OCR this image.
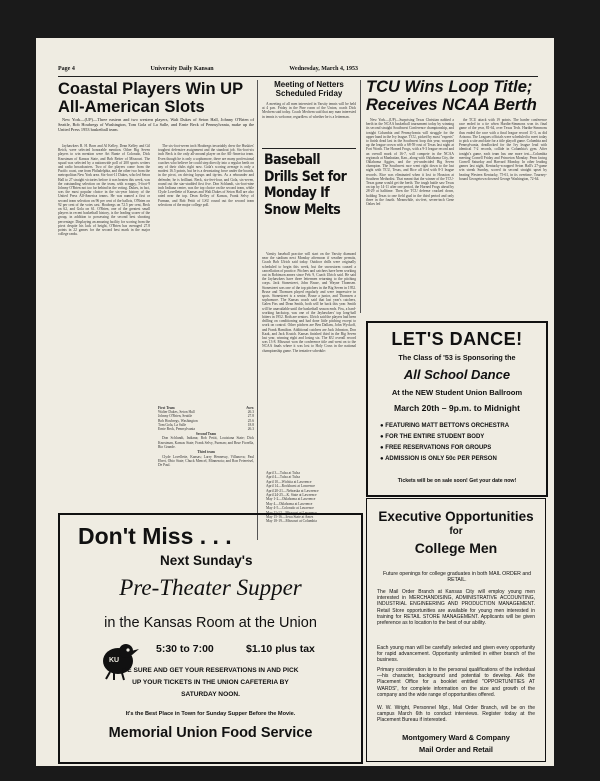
Page 4	University Daily Kansan	Wednesday, March 4, 1953
Coastal Players Win UP All-American Slots

New York—(UP)—Three eastern and two western players, Walt Dukes of Seton Hall, Johnny O'Brien of Seattle, Bob Houbregs of Washington, Tom Gola of La Salle, and Ernie Beck of Pennsylvania, make up the United Press 1953 basketball team.

Jayhawkers B. H. Born and Al Kelley, Dean Kelley and Gil Reich, were selected honorable mention. Other Big Seven players to win mention were Art Bunte of Colorado, Dick Knostman of Kansas State, and Bob Reiter of Missouri. The squad was selected by a nationwide poll of 200 sports writers and radio broadcasters. Two of the players come from the Pacific coast, one from Philadelphia, and the other two from the metropolitan New York area. Six-foot-11 Dukes, who led Seton Hall to 27 straight victories before it was beaten this week, was the outstanding selection on the team, with scrappy, 5-foot-9 Johnny O'Brien not too far behind in the voting. Dukes, in fact, was the most popular choice in the six-year history of the United Press All-America teams. He was named a first or second team selection on 96 per cent of the ballots, O'Brien on 92 per cent of the votes cast. Houbregs on 72.5 per cent, Beck on 62, and Gola on 61. O'Brien, one of the greatest small players in recent basketball history, is the leading scorer of the group, in addition to possessing the second best shooting percentage. Displaying an amazing facility for scoring from the pivot despite his lack of height, O'Brien has averaged 27.8 points in 22 games for the second best mark in the major college ranks.

The six-foot-seven inch Houbregs invariably drew the Huskies' toughest defensive assignment and the standout job. Six-foot-six inch Beck is the only all-around player on the All-America team. Even though he is only a sophomore, there are many professional coaches who believe he could step directly into a regular berth on any of their clubs right now. Gola's scoring average is only a modest 16.5 points, but he is a devastating force under the boards, in the pivot, on driving layups and tip-ins. As a rebounder and defender, he is brilliant. Beck, six-feet-four, and Gola, six-seven, round out the star-studded first five. Don Schlundt, six-foot-nine inch Indiana center, was the top choice on the second team, while Clyde Lovellette of Kansas and Walt Dukes of Seton Hall are also rated near the top. Dean Kelley of Kansas, Frank Selvy of Furman, and Bob Pettit of LSU round out the second team selections of the major college poll.

First Team	Aver.
Walter Dukes, Seton Hall	26.3
Johnny O'Brien, Seattle	27.8
Bob Houbregs, Washington	25.6
Tom Gola, La Salle	18.8
Ernie Beck, Pennsylvania	26.3
Second Team

Don Schlundt, Indiana; Bob Pettit, Louisiana State; Dick Knostman, Kansas State; Frank Selvy, Furman; and Brue Fiorella, Rio Grande.

Third team

Clyde Lovellette, Kansas; Larry Hennessy, Villanova; Paul Ebert, Ohio State; Chuck Mencel, Minnesota; and Ron Feiereisel, De Paul.

Meeting of Netters Scheduled Friday

A meeting of all men interested in Varsity tennis will be held at 4 p.m. Friday in the Pine room of the Union, coach Dick Mechem said today. Coach Mechem said that any man interested in tennis is welcome, regardless of whether he is a letterman.

Baseball Drills Set for Monday If Snow Melts

Varsity baseball practice will start on the Varsity diamond near the stadium next Monday afternoon if weather permits, Coach Bob Ulrich said today. Outdoor drills were originally scheduled to begin this week, but the snowstorm caused a cancellation of practice. Pitchers and catchers have been working out in Robinson annex since Feb. 9, Coach Ulrich said. He said the Jayhawkers have three lettermen returning to the pitching corps. Jack Stonestreet, John Bruse, and Wayne Thomsen. Stonestreet was one of the top pitchers in the Big Seven in 1952. Bruse and Thomsen played regularly and were impressive in spots. Stonestreet is a senior, Bruse a junior, and Thomsen a sophomore. The Kansas coach said that last year's catchers, Galen Fiss and Dean Smith, both will be back this year. Smith will be unavailable until the basketball season ends. Fiss, a hard-working backstop, was one of the Jayhawkers' top long-ball hitters in 1952. Both are seniors. Ulrich said the players had been drilling on conditioning and had done little pitching except to work on control. Other pitchers are Ben Dallam, John Wyckoff, and Frank Hamilton. Additional catchers are Jack Johnston, Don Kaak, and Jack Krutch. Kansas finished third in the Big Seven last year, winning eight and losing six. The KU overall record was 13-8. Missouri won the conference title and went on to the NCAA finals where it was lost to Holy Cross in the national championship game. The tentative schedule:

April 3—Tulsa at Tulsa
April 4—Tulsa at Tulsa
April 10—Wichita at Lawrence
April 14—Rockhurst at Lawrence
April 20-21—Nebraska at Lawrence
April 24-25—K. State at Lawrence
May 1-2—Oklahoma at Lawrence
May 4—Oklahoma at Lawrence
May 4-5—Colorado at Lawrence
May 11-12—Missouri at Lawrence
May 15-16—Iowa State at Ames
May 18-19—Missouri at Columbia
TCU Wins Loop Title; Receives NCAA Berth

New York—(UP)—Surprising Texas Christian nabbed a berth in the NCAA basketball tournament today by winning its second straight Southwest Conference championship, and tonight Columbia and Pennsylvania will struggle for the upper hand in the Ivy league. TCU, picked by most "experts" to finish dead last in the Southwest loop this year, wrapped up the league crown with a 68-59 rout of Texas last night at Fort Worth. The Horned Frogs, with a 9-3 league record and an overall mark of 16-7, will compete in the NCAA regionals at Manhattan, Kan., along with Oklahoma City, the Oklahoma Aggies, and the yet-undecided Big Seven champion. The Southwest race went right down to the last night with TCU, Texas, and Rice all tied with 8-3 league records. Rice was eliminated when it lost to Houston at Southern Methodist. That meant that the winner of the TCU-Texas game would get the berth. The tough battle saw Texas on top by 14-11 after one period, the Horned Frogs ahead by 28-29 at halftime. Then the TCU defense cracked down, holding Texas to one field goal in the third period and only three in the fourth. Meanwhile, six-feet, seven-inch Gene Oakes led

the TCU attack with 19 points. The harder conference race ended in a tie when Hardin-Simmons won its final game of the year, 81-64, over Texas Tech. Hardin-Simmons thus ended the race with a final league record 11-3, as did Arizona. The Leagues officials were scheduled to meet today to pick a site and date for a title playoff game. Columbia and Pennsylvania, deadlocked for the Ivy league lead with identical 7-2 records, collide in Columbia's gym. After tonight's game, each team has one more test—Columbia meeting Cornell Friday and Princeton Monday. Penn facing Cornell Saturday and Harvard Monday. In other leading games last night, Kentucky-scrapped Seton Hall's 27-game win streak Sunday, scored its second straight upset by beating Western Kentucky, 75-61, in its overtime. Tourney-bound Georgetown downed George Washington, 72-64.

LET'S DANCE!
The Class of '53 is Sponsoring the
All School Dance
At the NEW Student Union Ballroom
March 20th – 9p.m. to Midnight
● FEATURING MATT BETTON'S ORCHESTRA
● FOR THE ENTIRE STUDENT BODY
● FREE RESERVATIONS FOR GROUPS
● ADMISSION IS ONLY 50c PER PERSON
Tickets will be on sale soon! Get your date now!
Executive Opportunities
for
College Men
Future openings for college graduates in both MAIL ORDER and RETAIL.
The Mail Order Branch at Kansas City will employ young men interested in MERCHANDISING, ADMINISTRATIVE ACCOUNTING, INDUSTRIAL ENGINEERING AND PRODUCTION MANAGEMENT. Retail Store opportunities are available for young men interested in training for RETAIL STORE MANAGEMENT. Applicants will be given preference as to location to the best of our ability.
Each young man will be carefully selected and given every opportunity for rapid advancement. Opportunity unlimited in either branch of the business.
Primary consideration is to the personal qualifications of the individual—his character, background and potential to develop. Ask the Placement Office for a booklet entitled "OPPORTUNITIES AT WARDS", for complete information on the size and growth of the company and the wide range of opportunities offered.
W. W. Wright, Personnel Mgr., Mail Order Branch, will be on the campus March 6th to conduct interviews. Register today at the Placement Bureau if interested.
Montgomery Ward & Company
Mail Order and Retail
Don't Miss . . .
Next Sunday's
Pre-Theater Supper
in the Kansas Room at the Union
5:30 to 7:00	$1.10 plus tax
KU
BE SURE AND GET YOUR RESERVATIONS IN AND PICK
UP YOUR TICKETS IN THE UNION CAFETERIA BY
SATURDAY NOON.
It's the Best Place in Town for Sunday Supper Before the Movie.
Memorial Union Food Service
